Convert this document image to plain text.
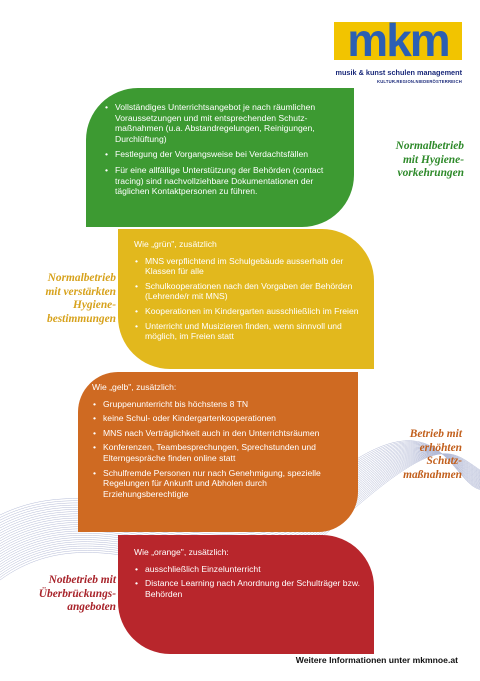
mkm
musik & kunst schulen management
KULTUR.REGION.NIEDERÖSTERREICH
• Vollständiges Unterrichtsangebot je nach räumlichen Voraussetzungen und mit entsprechenden Schutz-maßnahmen (u.a. Abstandregelungen, Reinigungen, Durchlüftung)
• Festlegung der Vorgangsweise bei Verdachtsfällen
• Für eine allfällige Unterstützung der Behörden (contact tracing) sind nachvollziehbare Dokumentationen der täglichen Kontaktpersonen zu führen.
Normalbetrieb
mit Hygiene-
vorkehrungen
Wie „grün", zusätzlich
• MNS verpflichtend im Schulgebäude ausserhalb der Klassen für alle
• Schulkooperationen nach den Vorgaben der Behörden (Lehrende/r mit MNS)
• Kooperationen im Kindergarten ausschließlich im Freien
• Unterricht und Musizieren finden, wenn sinnvoll und möglich, im Freien statt
Normalbetrieb
mit verstärkten
Hygiene-
bestimmungen
Wie „gelb", zusätzlich:
• Gruppenunterricht bis höchstens 8 TN
• keine Schul- oder Kindergartenkooperationen
• MNS nach Verträglichkeit auch in den Unterrichtsräumen
• Konferenzen, Teambesprechungen, Sprechstunden und Elterngespräche finden online statt
• Schulfremde Personen nur nach Genehmigung, spezielle Regelungen für Ankunft und Abholen durch Erziehungsberechtigte
Betrieb mit
erhöhten
Schutz-
maßnahmen
Wie „orange", zusätzlich:
• ausschließlich Einzelunterricht
• Distance Learning nach Anordnung der Schulträger bzw. Behörden
Notbetrieb mit
Überbrückungs-
angeboten
Weitere Informationen unter mkmnoe.at
